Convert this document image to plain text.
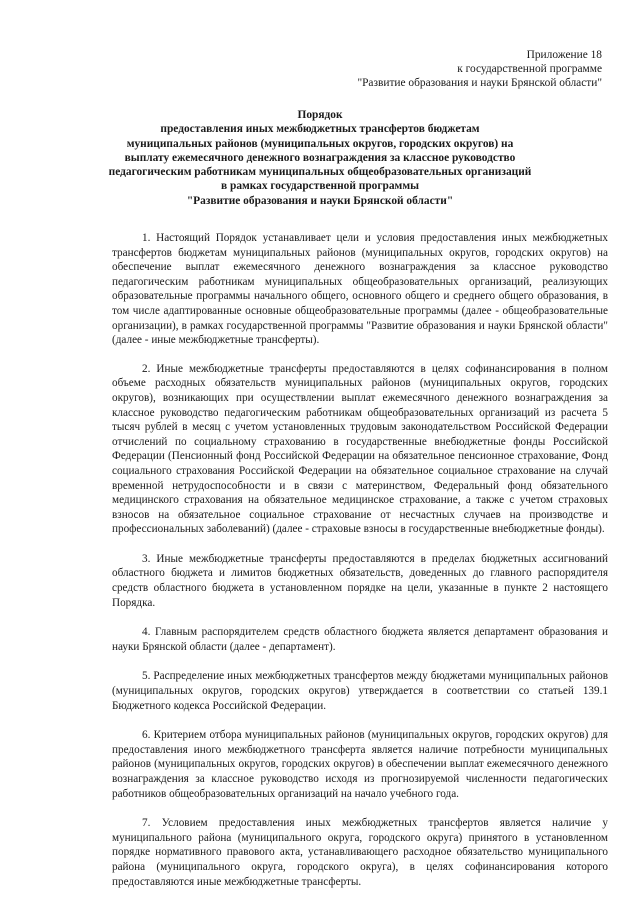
Приложение 18
к государственной программе
"Развитие образования и науки Брянской области"
Порядок
предоставления иных межбюджетных трансфертов бюджетам
муниципальных районов (муниципальных округов, городских округов) на
выплату ежемесячного денежного вознаграждения за классное руководство
педагогическим работникам муниципальных общеобразовательных организаций
в рамках государственной программы
"Развитие образования и науки Брянской области"

1. Настоящий Порядок устанавливает цели и условия предоставления иных межбюджетных трансфертов бюджетам муниципальных районов (муниципальных округов, городских округов) на обеспечение выплат ежемесячного денежного вознаграждения за классное руководство педагогическим работникам муниципальных общеобразовательных организаций, реализующих образовательные программы начального общего, основного общего и среднего общего образования, в том числе адаптированные основные общеобразовательные программы (далее - общеобразовательные организации), в рамках государственной программы "Развитие образования и науки Брянской области" (далее - иные межбюджетные трансферты).

2. Иные межбюджетные трансферты предоставляются в целях софинансирования в полном объеме расходных обязательств муниципальных районов (муниципальных округов, городских округов), возникающих при осуществлении выплат ежемесячного денежного вознаграждения за классное руководство педагогическим работникам общеобразовательных организаций из расчета 5 тысяч рублей в месяц с учетом установленных трудовым законодательством Российской Федерации отчислений по социальному страхованию в государственные внебюджетные фонды Российской Федерации (Пенсионный фонд Российской Федерации на обязательное пенсионное страхование, Фонд социального страхования Российской Федерации на обязательное социальное страхование на случай временной нетрудоспособности и в связи с материнством, Федеральный фонд обязательного медицинского страхования на обязательное медицинское страхование, а также с учетом страховых взносов на обязательное социальное страхование от несчастных случаев на производстве и профессиональных заболеваний) (далее - страховые взносы в государственные внебюджетные фонды).

3. Иные межбюджетные трансферты предоставляются в пределах бюджетных ассигнований областного бюджета и лимитов бюджетных обязательств, доведенных до главного распорядителя средств областного бюджета в установленном порядке на цели, указанные в пункте 2 настоящего Порядка.

4. Главным распорядителем средств областного бюджета является департамент образования и науки Брянской области (далее - департамент).

5. Распределение иных межбюджетных трансфертов между бюджетами муниципальных районов (муниципальных округов, городских округов) утверждается в соответствии со статьей 139.1 Бюджетного кодекса Российской Федерации.

6. Критерием отбора муниципальных районов (муниципальных округов, городских округов) для предоставления иного межбюджетного трансферта является наличие потребности муниципальных районов (муниципальных округов, городских округов) в обеспечении выплат ежемесячного денежного вознаграждения за классное руководство исходя из прогнозируемой численности педагогических работников общеобразовательных организаций на начало учебного года.

7. Условием предоставления иных межбюджетных трансфертов является наличие у муниципального района (муниципального округа, городского округа) принятого в установленном порядке нормативного правового акта, устанавливающего расходное обязательство муниципального района (муниципального округа, городского округа), в целях софинансирования которого предоставляются иные межбюджетные трансферты.
